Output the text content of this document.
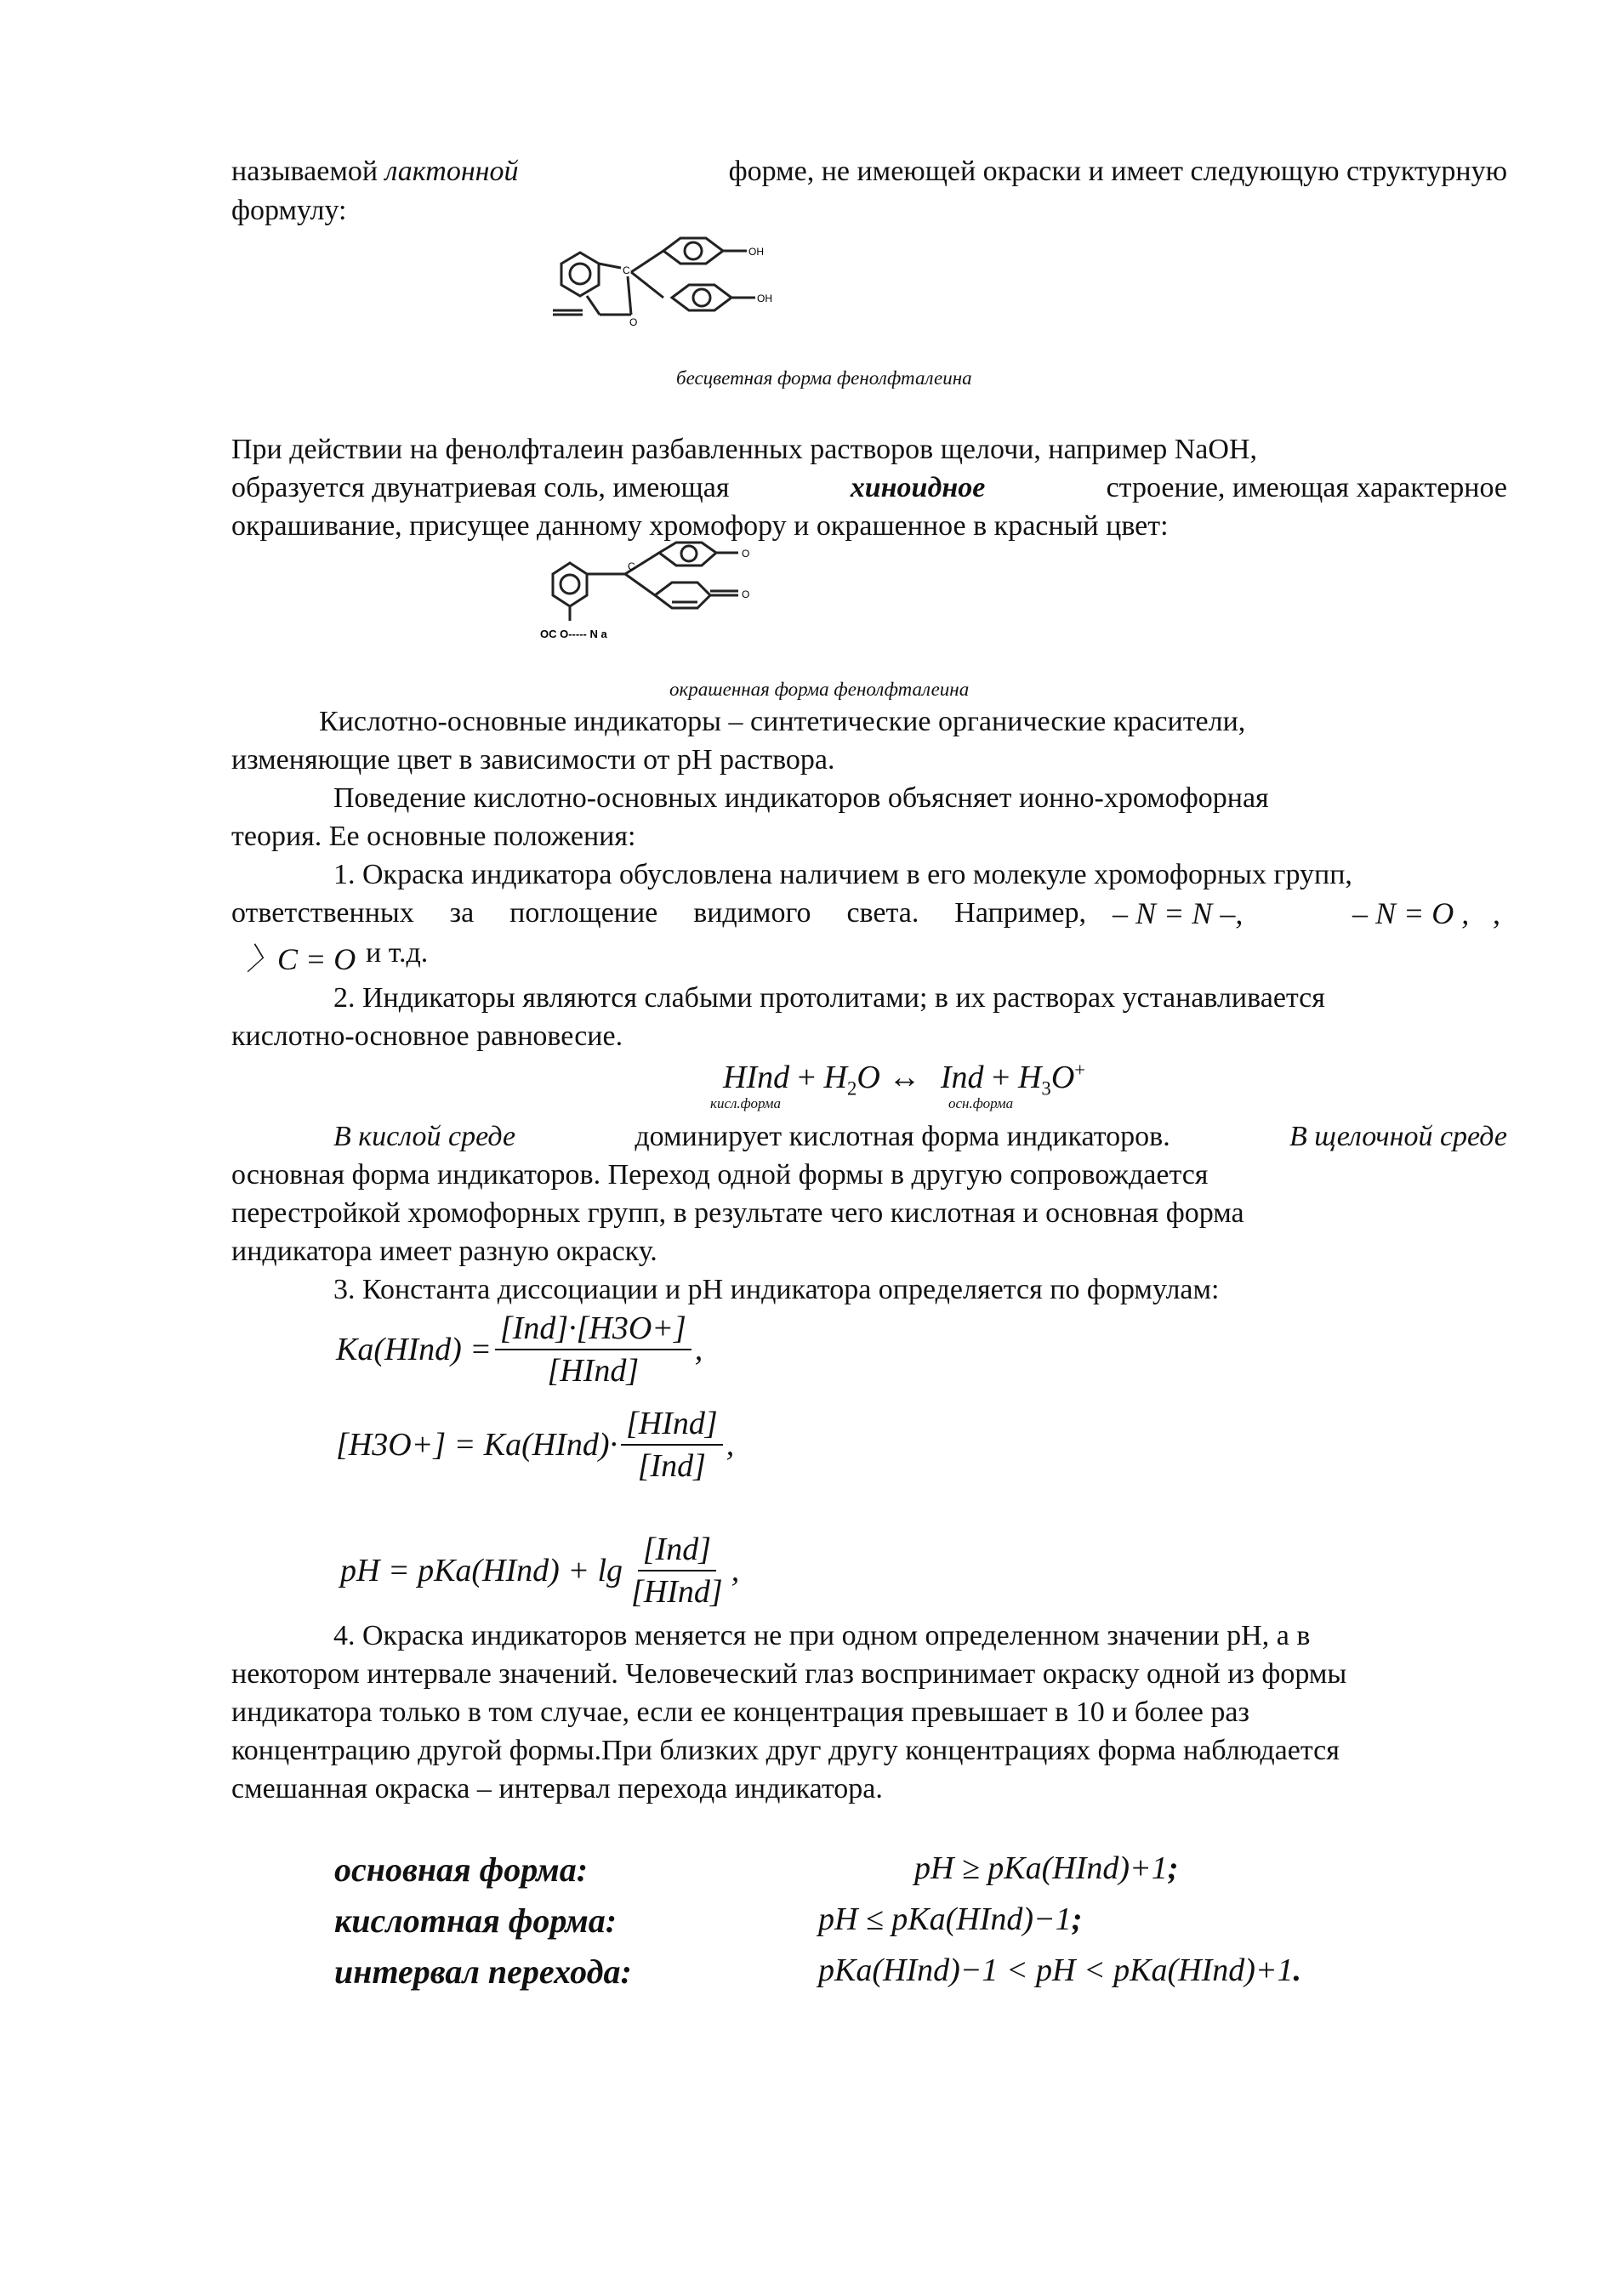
называемой лактонной	форме, не имеющей окраски и имеет следующую структурную
формулу:
C
OH
OH
O
бесцветная форма фенолфталеина
При действии на фенолфталеин разбавленных растворов щелочи, например NaOH,
образуется двунатриевая соль, имеющая	хиноидное	строение, имеющая характерное
окрашивание, присущее данному хромофору и окрашенное в красный цвет:
C
O
O
OC O----- N a
окрашенная форма фенолфталеина
Кислотно-основные индикаторы – синтетические органические красители,
изменяющие цвет в зависимости от pH раствора.
Поведение кислотно-основных индикаторов объясняет ионно-хромофорная
теория. Ее основные положения:
1. Окраска индикатора обусловлена наличием в его молекуле хромофорных групп,
ответственных за поглощение видимого света. Например, – N = N –,	– N = O , ,
〉C = O и т.д.
2. Индикаторы являются слабыми протолитами; в их растворах устанавливается
кислотно-основное равновесие.
HInd + $H_2O$ ↔ Ind + $H_3O^+$
кисл.форма	осн.форма
В кислой среде	доминирует кислотная форма индикаторов.	В щелочной среде
основная форма индикаторов. Переход одной формы в другую сопровождается
перестройкой хромофорных групп, в результате чего кислотная и основная форма
индикатора имеет разную окраску.
3. Константа диссоциации и pH индикатора определяется по формулам:
Ka(HInd) = $\frac{\text{[Ind]·[H3O+]}}{\text{[HInd]}}$ ,
[H3O+] = Ka(HInd)· $\frac{\text{[HInd]}}{\text{[Ind]}}$ ,
pH = pKa(HInd) + $\lg \frac{\text{[Ind]}}{\text{[HInd]}}$ ,
4. Окраска индикаторов меняется не при одном определенном значении pH, а в
некотором интервале значений. Человеческий глаз воспринимает окраску одной из формы
индикатора только в том случае, если ее концентрация превышает в 10 и более раз
концентрацию другой формы.При близких друг другу концентрациях форма наблюдается
смешанная окраска – интервал перехода индикатора.
основная форма:	pH ≥ pKa(HInd)+1;
кислотная форма:	pH ≤ pKa(HInd)−1;
интервал перехода:	pKa(HInd)−1 < pH < pKa(HInd)+1.
